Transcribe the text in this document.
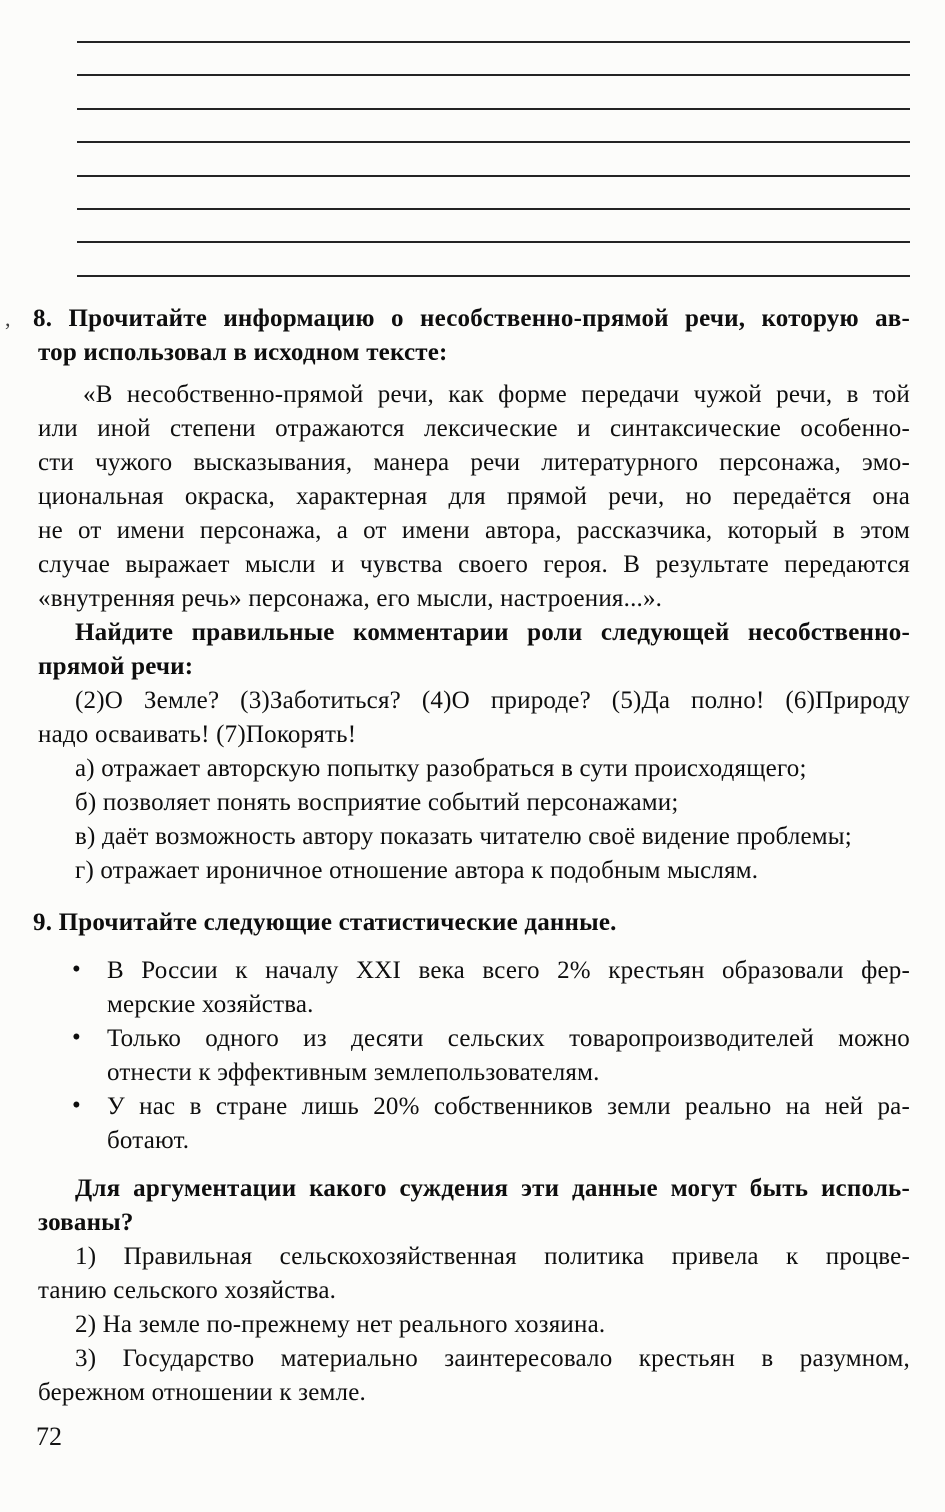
8. Прочитайте информацию о несобственно-прямой речи, которую ав-
тор использовал в исходном тексте:
«В несобственно-прямой речи, как форме передачи чужой речи, в той
или иной степени отражаются лексические и синтаксические особенно-
сти чужого высказывания, манера речи литературного персонажа, эмо-
циональная окраска, характерная для прямой речи, но передаётся она
не от имени персонажа, а от имени автора, рассказчика, который в этом
случае выражает мысли и чувства своего героя. В результате передаются
«внутренняя речь» персонажа, его мысли, настроения...».
Найдите правильные комментарии роли следующей несобственно-
прямой речи:
(2)О Земле? (3)Заботиться? (4)О природе? (5)Да полно! (6)Природу
надо осваивать! (7)Покорять!
а) отражает авторскую попытку разобраться в сути происходящего;
б) позволяет понять восприятие событий персонажами;
в) даёт возможность автору показать читателю своё видение проблемы;
г) отражает ироничное отношение автора к подобным мыслям.
9. Прочитайте следующие статистические данные.
• В России к началу XXI века всего 2% крестьян образовали фер-
мерские хозяйства.
• Только одного из десяти сельских товаропроизводителей можно
отнести к эффективным землепользователям.
• У нас в стране лишь 20% собственников земли реально на ней ра-
ботают.
Для аргументации какого суждения эти данные могут быть исполь-
зованы?
1) Правильная сельскохозяйственная политика привела к процве-
танию сельского хозяйства.
2) На земле по-прежнему нет реального хозяина.
3) Государство материально заинтересовало крестьян в разумном,
бережном отношении к земле.
,
72
